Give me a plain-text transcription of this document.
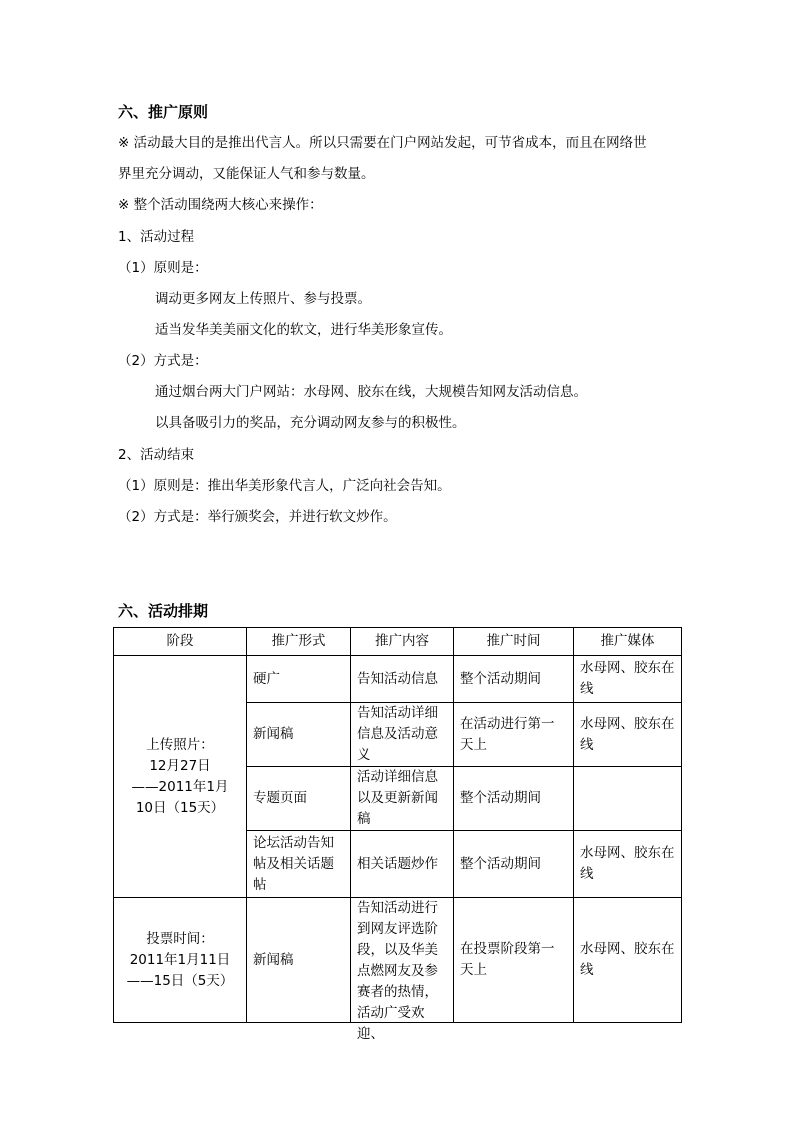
六、推广原则
※ 活动最大目的是推出代言人。所以只需要在门户网站发起，可节省成本，而且在网络世
界里充分调动，又能保证人气和参与数量。
※ 整个活动围绕两大核心来操作：
1、活动过程
（1）原则是：
调动更多网友上传照片、参与投票。
适当发华美美丽文化的软文，进行华美形象宣传。
（2）方式是：
通过烟台两大门户网站：水母网、胶东在线，大规模告知网友活动信息。
以具备吸引力的奖品，充分调动网友参与的积极性。
2、活动结束
（1）原则是：推出华美形象代言人，广泛向社会告知。
（2）方式是：举行颁奖会，并进行软文炒作。
六、活动排期
阶段	推广形式	推广内容	推广时间	推广媒体
上传照片：
12月27日
——2011年1月
10日（15天）	硬广	告知活动信息	整个活动期间	水母网、胶东在线
	新闻稿	告知活动详细信息及活动意义	在活动进行第一天上	水母网、胶东在线
	专题页面	活动详细信息以及更新新闻稿	整个活动期间	
	论坛活动告知帖及相关话题帖	相关话题炒作	整个活动期间	水母网、胶东在线
投票时间：
2011年1月11日
——15日（5天）	新闻稿	告知活动进行到网友评选阶段，以及华美点燃网友及参赛者的热情，活动广受欢迎、	在投票阶段第一天上	水母网、胶东在线
